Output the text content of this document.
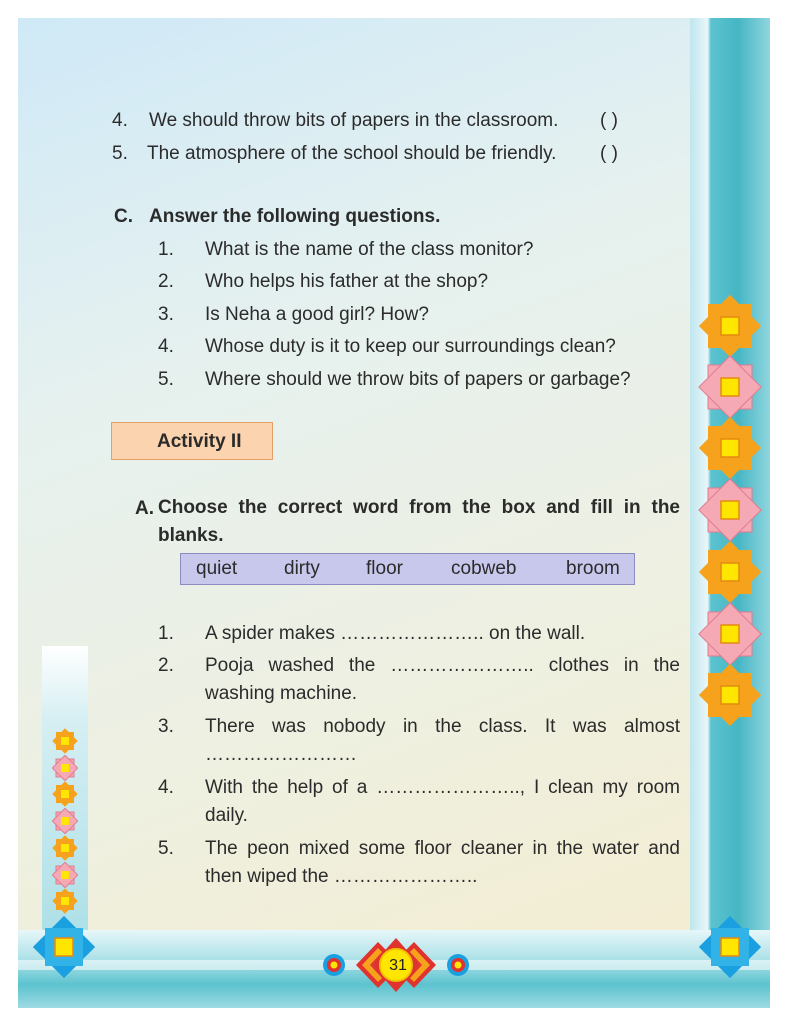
4. We should throw bits of papers in the classroom. ( )
5. The atmosphere of the school should be friendly. ( )
C. Answer the following questions.
1. What is the name of the class monitor?
2. Who helps his father at the shop?
3. Is Neha a good girl? How?
4. Whose duty is it to keep our surroundings clean?
5. Where should we throw bits of papers or garbage?
Activity II
A. Choose the correct word from the box and fill in the blanks.
quiet dirty floor	cobweb	broom
1. A spider makes ………………….. on the wall.
2. Pooja washed the ………………….. clothes in the washing machine.
3. There was nobody in the class. It was almost ……………………
4. With the help of a ………………….., I clean my room daily.
5. The peon mixed some floor cleaner in the water and then wiped the …………………..
31
